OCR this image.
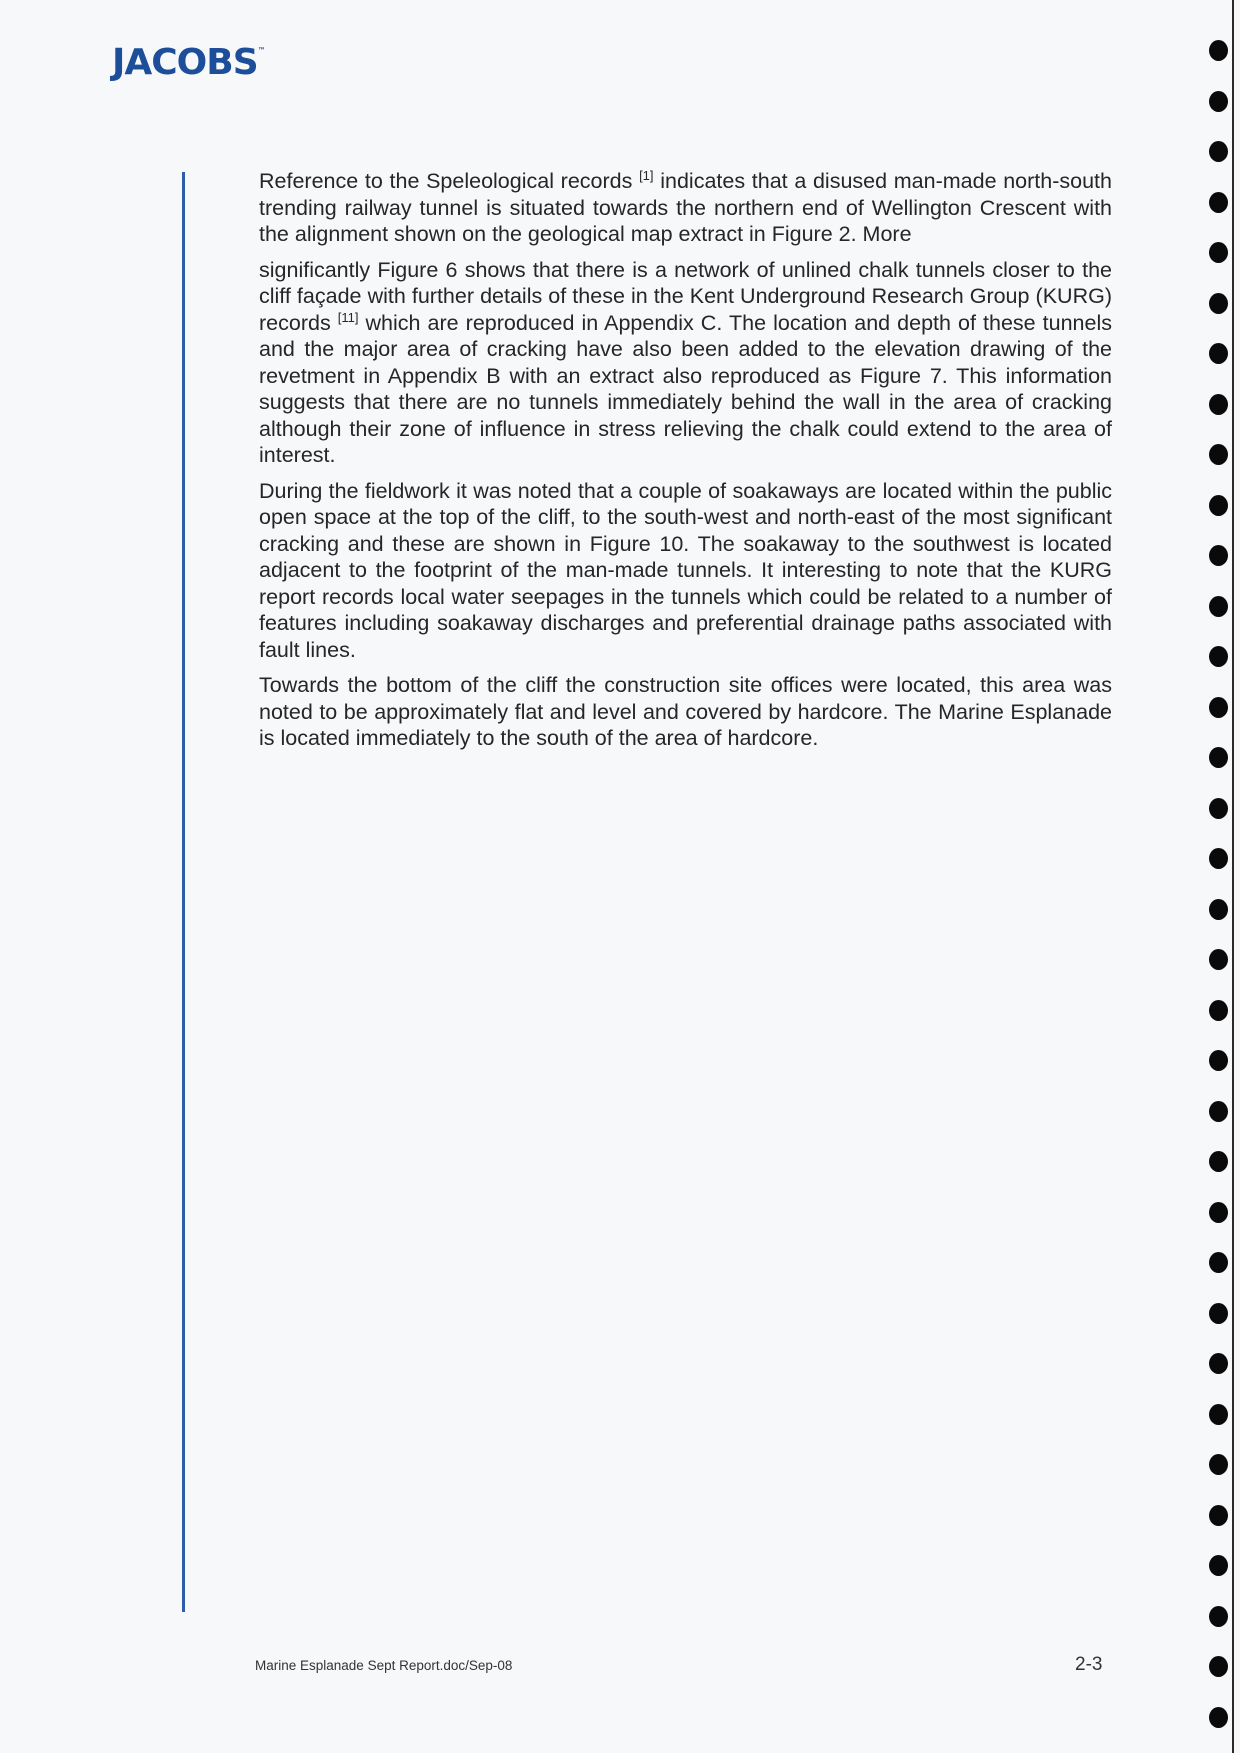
JACOBS™

Reference to the Speleological records [1] indicates that a disused man-made north-south trending railway tunnel is situated towards the northern end of Wellington Crescent with the alignment shown on the geological map extract in Figure 2. More

significantly Figure 6 shows that there is a network of unlined chalk tunnels closer to the cliff façade with further details of these in the Kent Underground Research Group (KURG) records [11] which are reproduced in Appendix C. The location and depth of these tunnels and the major area of cracking have also been added to the elevation drawing of the revetment in Appendix B with an extract also reproduced as Figure 7. This information suggests that there are no tunnels immediately behind the wall in the area of cracking although their zone of influence in stress relieving the chalk could extend to the area of interest.

During the fieldwork it was noted that a couple of soakaways are located within the public open space at the top of the cliff, to the south-west and north-east of the most significant cracking and these are shown in Figure 10. The soakaway to the southwest is located adjacent to the footprint of the man-made tunnels. It interesting to note that the KURG report records local water seepages in the tunnels which could be related to a number of features including soakaway discharges and preferential drainage paths associated with fault lines.

Towards the bottom of the cliff the construction site offices were located, this area was noted to be approximately flat and level and covered by hardcore. The Marine Esplanade is located immediately to the south of the area of hardcore.

Marine Esplanade Sept Report.doc/Sep-08	2-3
